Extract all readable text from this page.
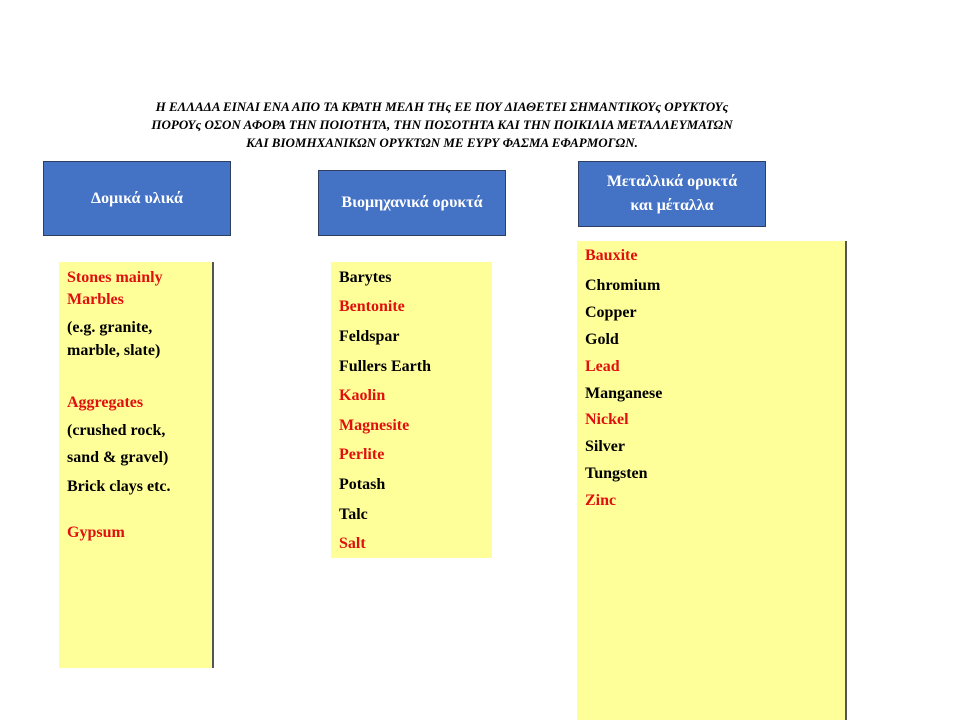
Η ΕΛΛΑΔΑ ΕΙΝΑΙ ΕΝΑ ΑΠΟ ΤΑ ΚΡΑΤΗ ΜΕΛΗ ΤΗς ΕΕ ΠΟΥ ΔΙΑΘΕΤΕΙ ΣΗΜΑΝΤΙΚΟΥς ΟΡΥΚΤΟΥς
ΠΟΡΟΥς ΟΣΟΝ ΑΦΟΡΑ ΤΗΝ ΠΟΙΟΤΗΤΑ, ΤΗΝ ΠΟΣΟΤΗΤΑ ΚΑΙ ΤΗΝ ΠΟΙΚΙΛΙΑ ΜΕΤΑΛΛΕΥΜΑΤΩΝ
ΚΑΙ ΒΙΟΜΗΧΑΝΙΚΩΝ ΟΡΥΚΤΩΝ ΜΕ ΕΥΡΥ ΦΑΣΜΑ ΕΦΑΡΜΟΓΩΝ.
Δομικά υλικά
Stones mainly
Marbles
(e.g. granite,
marble, slate)
Aggregates
(crushed rock,
sand & gravel)
Brick clays etc.
Gypsum
Βιομηχανικά ορυκτά
Barytes
Bentonite
Feldspar
Fullers Earth
Kaolin
Magnesite
Perlite
Potash
Talc
Salt
Μεταλλικά ορυκτά
και μέταλλα
Bauxite
Chromium
Copper
Gold
Lead
Manganese
Nickel
Silver
Tungsten
Zinc
